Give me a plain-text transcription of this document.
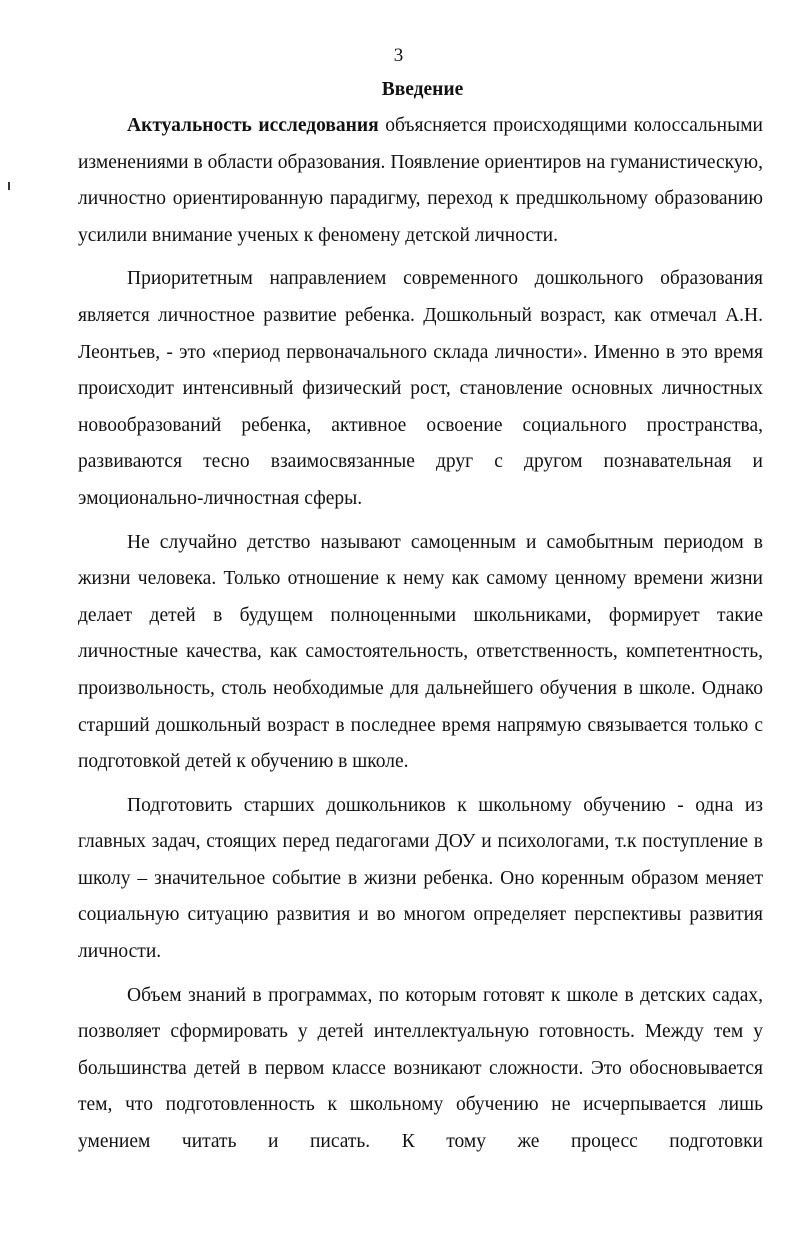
3
Введение

Актуальность исследования объясняется происходящими колоссальными изменениями в области образования. Появление ориентиров на гуманистическую, личностно ориентированную парадигму, переход к предшкольному образованию усилили внимание ученых к феномену детской личности.

Приоритетным направлением современного дошкольного образования является личностное развитие ребенка. Дошкольный возраст, как отмечал А.Н. Леонтьев, - это «период первоначального склада личности». Именно в это время происходит интенсивный физический рост, становление основных личностных новообразований ребенка, активное освоение социального пространства, развиваются тесно взаимосвязанные друг с другом познавательная и эмоционально-личностная сферы.

Не случайно детство называют самоценным и самобытным периодом в жизни человека. Только отношение к нему как самому ценному времени жизни делает детей в будущем полноценными школьниками, формирует такие личностные качества, как самостоятельность, ответственность, компетентность, произвольность, столь необходимые для дальнейшего обучения в школе. Однако старший дошкольный возраст в последнее время напрямую связывается только с подготовкой детей к обучению в школе.

Подготовить старших дошкольников к школьному обучению - одна из главных задач, стоящих перед педагогами ДОУ и психологами, т.к поступление в школу – значительное событие в жизни ребенка. Оно коренным образом меняет социальную ситуацию развития и во многом определяет перспективы развития личности.

Объем знаний в программах, по которым готовят к школе в детских садах, позволяет сформировать у детей интеллектуальную готовность. Между тем у большинства детей в первом классе возникают сложности. Это обосновывается тем, что подготовленность к школьному обучению не исчерпывается лишь умением читать и писать. К тому же процесс подготовки
